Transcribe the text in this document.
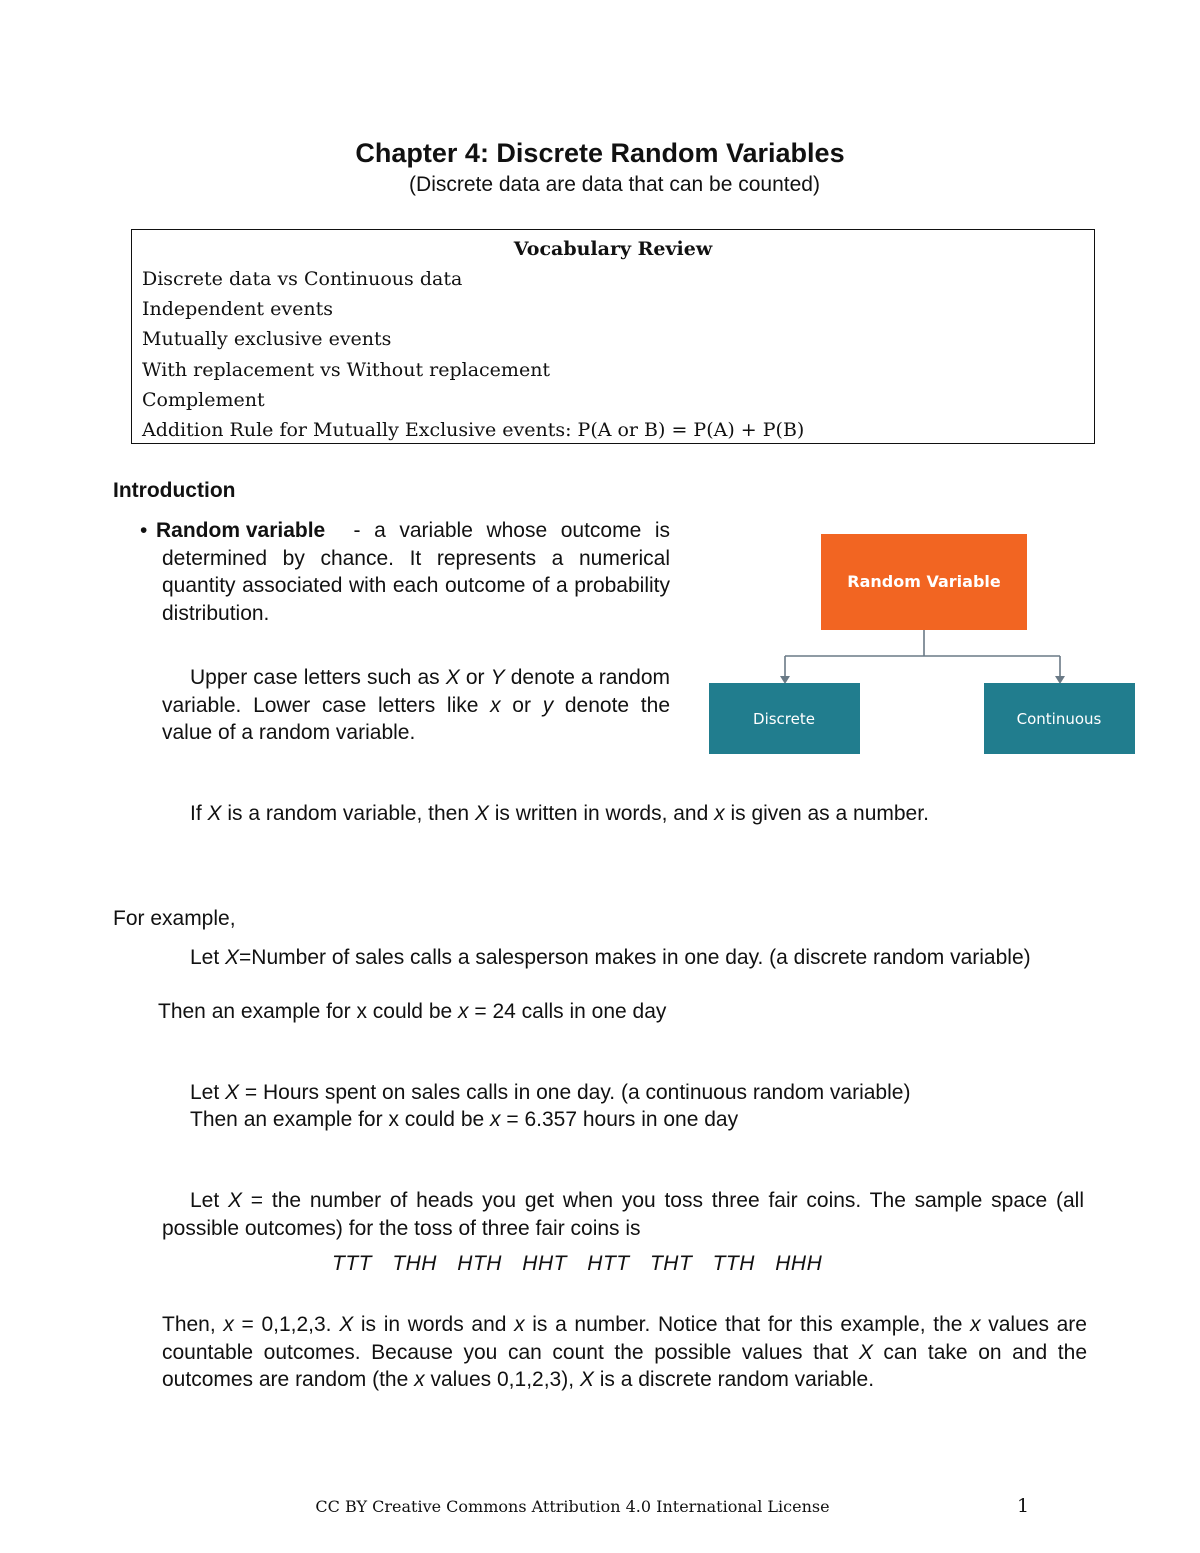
Chapter 4: Discrete Random Variables
(Discrete data are data that can be counted)
Vocabulary Review
Discrete data vs Continuous data
Independent events
Mutually exclusive events
With replacement vs Without replacement
Complement
Addition Rule for Mutually Exclusive events: P(A or B) = P(A) + P(B)
Introduction
• Random variable - a variable whose outcome is determined by chance. It represents a numerical quantity associated with each outcome of a probability distribution.
Upper case letters such as X or Y denote a random variable. Lower case letters like x or y denote the value of a random variable.
Random Variable
Discrete	Continuous
If X is a random variable, then X is written in words, and x is given as a number.
For example,
Let X=Number of sales calls a salesperson makes in one day. (a discrete random variable)
Then an example for x could be x = 24 calls in one day
Let X = Hours spent on sales calls in one day. (a continuous random variable)
Then an example for x could be x = 6.357 hours in one day
Let X = the number of heads you get when you toss three fair coins. The sample space (all possible outcomes) for the toss of three fair coins is
TTT THH HTH HHT HTT THT TTH HHH
Then, x = 0,1,2,3. X is in words and x is a number. Notice that for this example, the x values are countable outcomes. Because you can count the possible values that X can take on and the outcomes are random (the x values 0,1,2,3), X is a discrete random variable.
CC BY Creative Commons Attribution 4.0 International License	1
